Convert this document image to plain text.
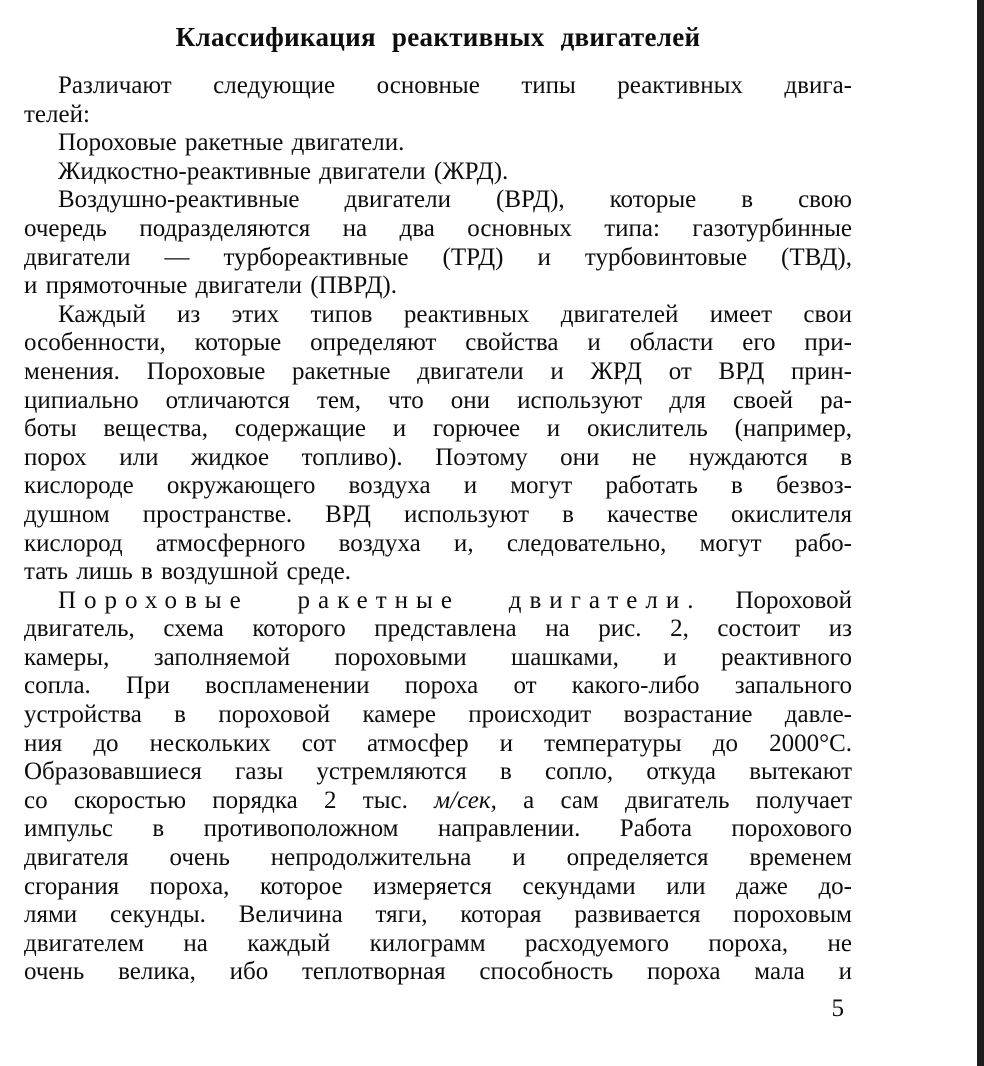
Классификация реактивных двигателей
Различают следующие основные типы реактивных двига-
телей:
Пороховые ракетные двигатели.
Жидкостно-реактивные двигатели (ЖРД).
Воздушно-реактивные двигатели (ВРД), которые в свою
очередь подразделяются на два основных типа: газотурбинные
двигатели — турбореактивные (ТРД) и турбовинтовые (ТВД),
и прямоточные двигатели (ПВРД).
Каждый из этих типов реактивных двигателей имеет свои
особенности, которые определяют свойства и области его при-
менения. Пороховые ракетные двигатели и ЖРД от ВРД прин-
ципиально отличаются тем, что они используют для своей ра-
боты вещества, содержащие и горючее и окислитель (например,
порох или жидкое топливо). Поэтому они не нуждаются в
кислороде окружающего воздуха и могут работать в безвоз-
душном пространстве. ВРД используют в качестве окислителя
кислород атмосферного воздуха и, следовательно, могут рабо-
тать лишь в воздушной среде.
Пороховые ракетные двигатели. Пороховой
двигатель, схема которого представлена на рис. 2, состоит из
камеры, заполняемой пороховыми шашками, и реактивного
сопла. При воспламенении пороха от какого-либо запального
устройства в пороховой камере происходит возрастание давле-
ния до нескольких сот атмосфер и температуры до 2000°С.
Образовавшиеся газы устремляются в сопло, откуда вытекают
со скоростью порядка 2 тыс. м/сек, а сам двигатель получает
импульс в противоположном направлении. Работа порохового
двигателя очень непродолжительна и определяется временем
сгорания пороха, которое измеряется секундами или даже до-
лями секунды. Величина тяги, которая развивается пороховым
двигателем на каждый килограмм расходуемого пороха, не
очень велика, ибо теплотворная способность пороха мала и
5
